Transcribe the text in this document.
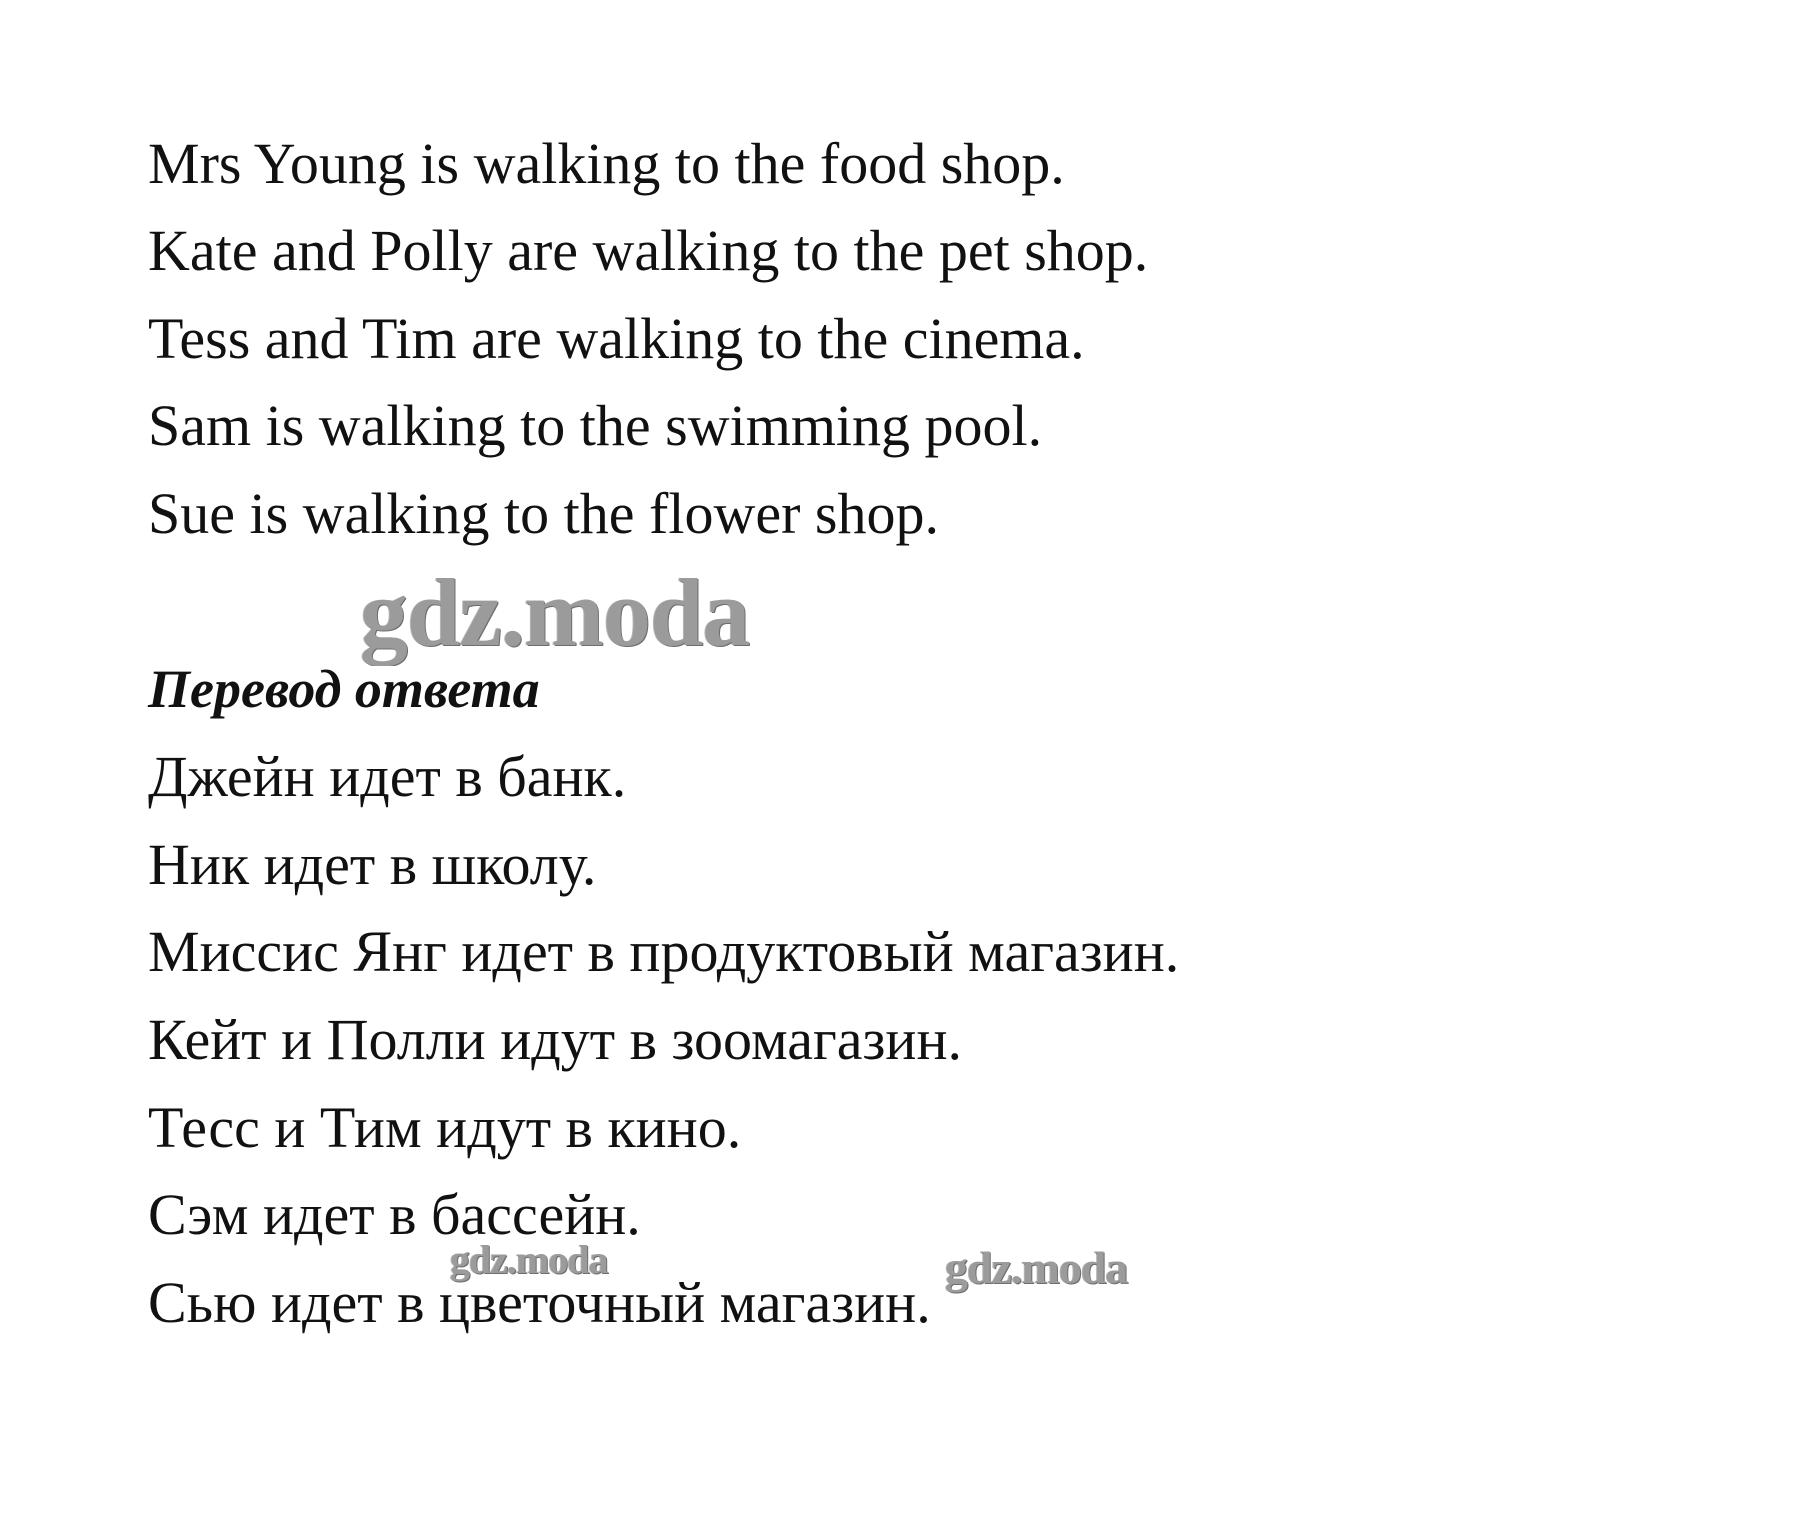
Mrs Young is walking to the food shop.
Kate and Polly are walking to the pet shop.
Tess and Tim are walking to the cinema.
Sam is walking to the swimming pool.
Sue is walking to the flower shop.
gdz.moda
Перевод ответа
Джейн идет в банк.
Ник идет в школу.
Миссис Янг идет в продуктовый магазин.
Кейт и Полли идут в зоомагазин.
Тесс и Тим идут в кино.
Сэм идет в бассейн.
Сью идет в цветочный магазин.
gdz.moda	gdz.moda
